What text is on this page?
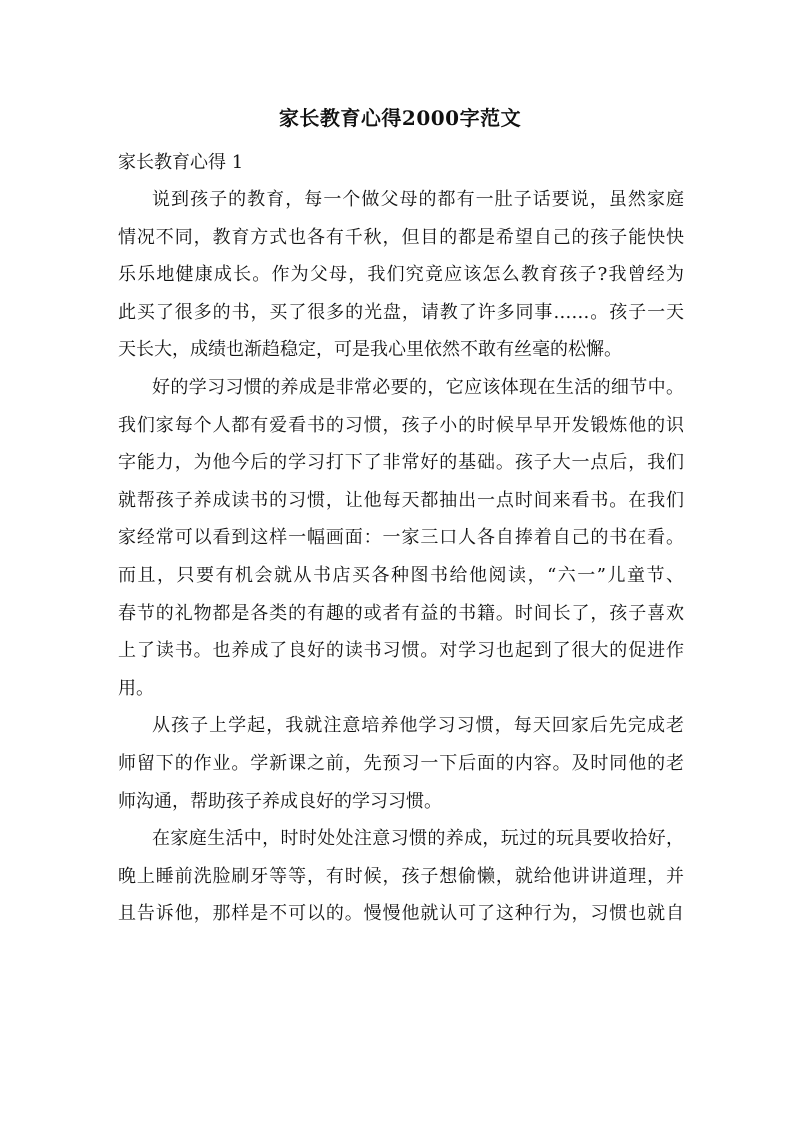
家长教育心得2000字范文
家长教育心得 1
说到孩子的教育，每一个做父母的都有一肚子话要说，虽然家庭
情况不同，教育方式也各有千秋，但目的都是希望自己的孩子能快快
乐乐地健康成长。作为父母，我们究竟应该怎么教育孩子?我曾经为
此买了很多的书，买了很多的光盘，请教了许多同事……。孩子一天
天长大，成绩也渐趋稳定，可是我心里依然不敢有丝毫的松懈。
好的学习习惯的养成是非常必要的，它应该体现在生活的细节中。
我们家每个人都有爱看书的习惯，孩子小的时候早早开发锻炼他的识
字能力，为他今后的学习打下了非常好的基础。孩子大一点后，我们
就帮孩子养成读书的习惯，让他每天都抽出一点时间来看书。在我们
家经常可以看到这样一幅画面：一家三口人各自捧着自己的书在看。
而且，只要有机会就从书店买各种图书给他阅读，“六一”儿童节、
春节的礼物都是各类的有趣的或者有益的书籍。时间长了，孩子喜欢
上了读书。也养成了良好的读书习惯。对学习也起到了很大的促进作
用。
从孩子上学起，我就注意培养他学习习惯，每天回家后先完成老
师留下的作业。学新课之前，先预习一下后面的内容。及时同他的老
师沟通，帮助孩子养成良好的学习习惯。
在家庭生活中，时时处处注意习惯的养成，玩过的玩具要收拾好，
晚上睡前洗脸刷牙等等，有时候，孩子想偷懒，就给他讲讲道理，并
且告诉他，那样是不可以的。慢慢他就认可了这种行为，习惯也就自
